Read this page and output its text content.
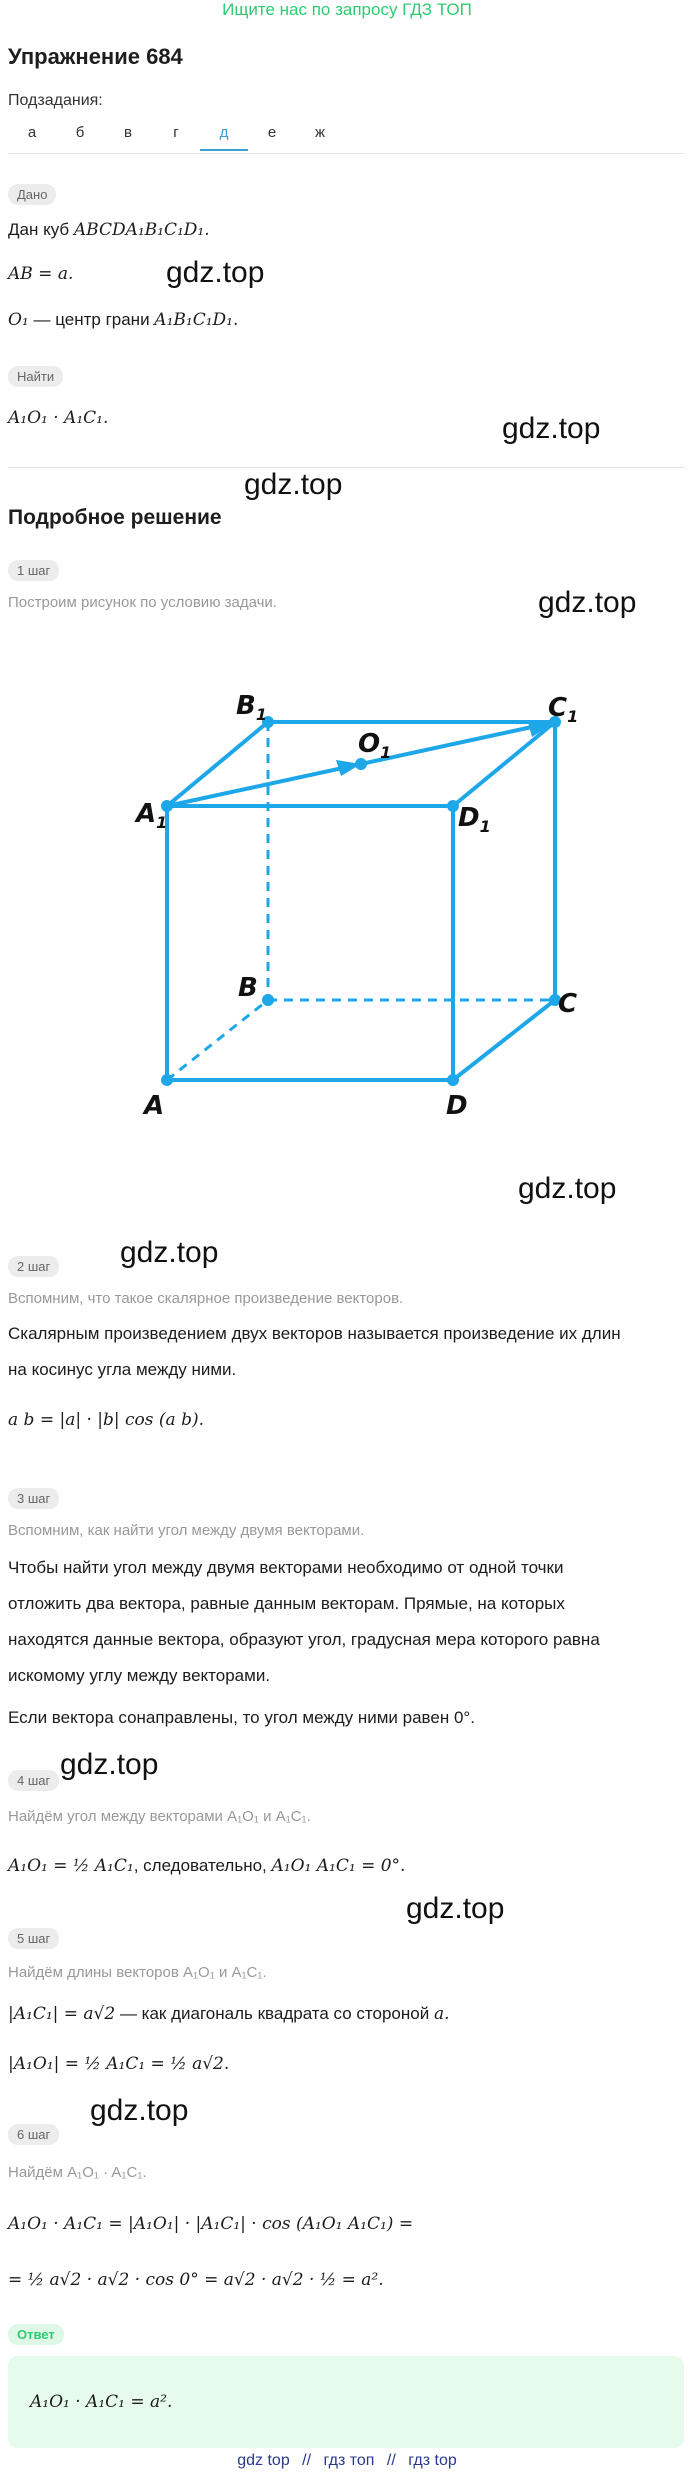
Ищите нас по запросу ГДЗ ТОП
Упражнение 684
Подзадания:
а	б	в	г	д	е	ж
Дано
Дан куб ABCDA₁B₁C₁D₁.
AB = a.
O₁ — центр грани A₁B₁C₁D₁.
Найти
A₁O₁ · A₁C₁.
Подробное решение
1 шаг
Построим рисунок по условию задачи.
$B_1$	$C_1$
$O_1$
$A_1$	$D_1$
B
C
A	D
gdz.top
gdz.top
gdz.top
gdz.top
gdz.top
gdz.top
gdz.top
gdz.top
gdz.top
2 шаг
Вспомним, что такое скалярное произведение векторов.
Скалярным произведением двух векторов называется произведение их длин
на косинус угла между ними.
a b = |a| · |b| cos (a b).
3 шаг
Вспомним, как найти угол между двумя векторами.
Чтобы найти угол между двумя векторами необходимо от одной точки
отложить два вектора, равные данным векторам. Прямые, на которых
находятся данные вектора, образуют угол, градусная мера которого равна
искомому углу между векторами.
Если вектора сонаправлены, то угол между ними равен 0°.
4 шаг
Найдём угол между векторами A₁O₁ и A₁C₁.
A₁O₁ = ½ A₁C₁, следовательно, A₁O₁ A₁C₁ = 0°.
5 шаг
Найдём длины векторов A₁O₁ и A₁C₁.
|A₁C₁| = a√2 — как диагональ квадрата со стороной a.
|A₁O₁| = ½ A₁C₁ = ½ a√2.
6 шаг
Найдём A₁O₁ · A₁C₁.
A₁O₁ · A₁C₁ = |A₁O₁| · |A₁C₁| · cos (A₁O₁ A₁C₁) =
= ½ a√2 · a√2 · cos 0° = a√2 · a√2 · ½ = a².
Ответ
A₁O₁ · A₁C₁ = a².
gdz top // гдз топ // гдз top
